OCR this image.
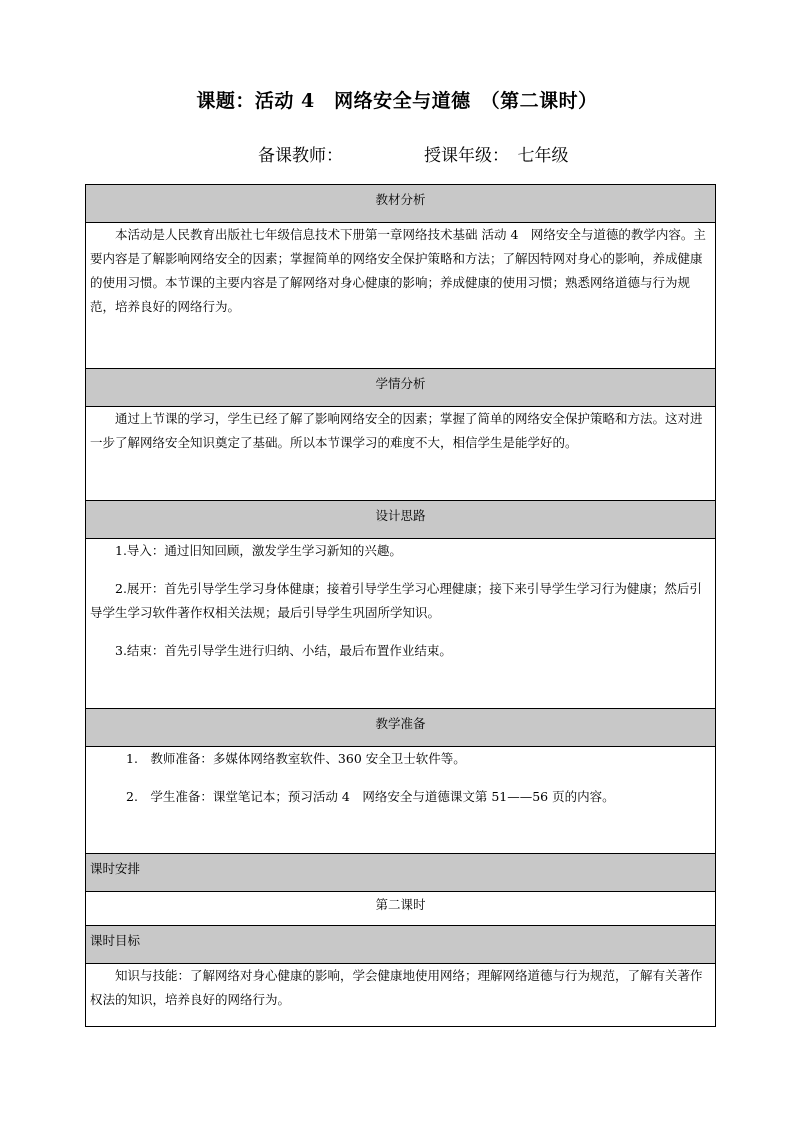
课题：活动 4　网络安全与道德　（第二课时）
备课教师：	授课年级：　七年级
教材分析

本活动是人民教育出版社七年级信息技术下册第一章网络技术基础 活动 4　网络安全与道德的教学内容。主要内容是了解影响网络安全的因素；掌握简单的网络安全保护策略和方法；了解因特网对身心的影响，养成健康的使用习惯。本节课的主要内容是了解网络对身心健康的影响；养成健康的使用习惯；熟悉网络道德与行为规范，培养良好的网络行为。

学情分析

通过上节课的学习，学生已经了解了影响网络安全的因素；掌握了简单的网络安全保护策略和方法。这对进一步了解网络安全知识奠定了基础。所以本节课学习的难度不大，相信学生是能学好的。

设计思路

1.导入：通过旧知回顾，激发学生学习新知的兴趣。

2.展开：首先引导学生学习身体健康；接着引导学生学习心理健康；接下来引导学生学习行为健康；然后引导学生学习软件著作权相关法规；最后引导学生巩固所学知识。

3.结束：首先引导学生进行归纳、小结，最后布置作业结束。

教学准备

1.　教师准备：多媒体网络教室软件、360 安全卫士软件等。

2.　学生准备：课堂笔记本；预习活动 4　网络安全与道德课文第 51——56 页的内容。

课时安排
第二课时
课时目标

知识与技能：了解网络对身心健康的影响，学会健康地使用网络；理解网络道德与行为规范，了解有关著作权法的知识，培养良好的网络行为。
